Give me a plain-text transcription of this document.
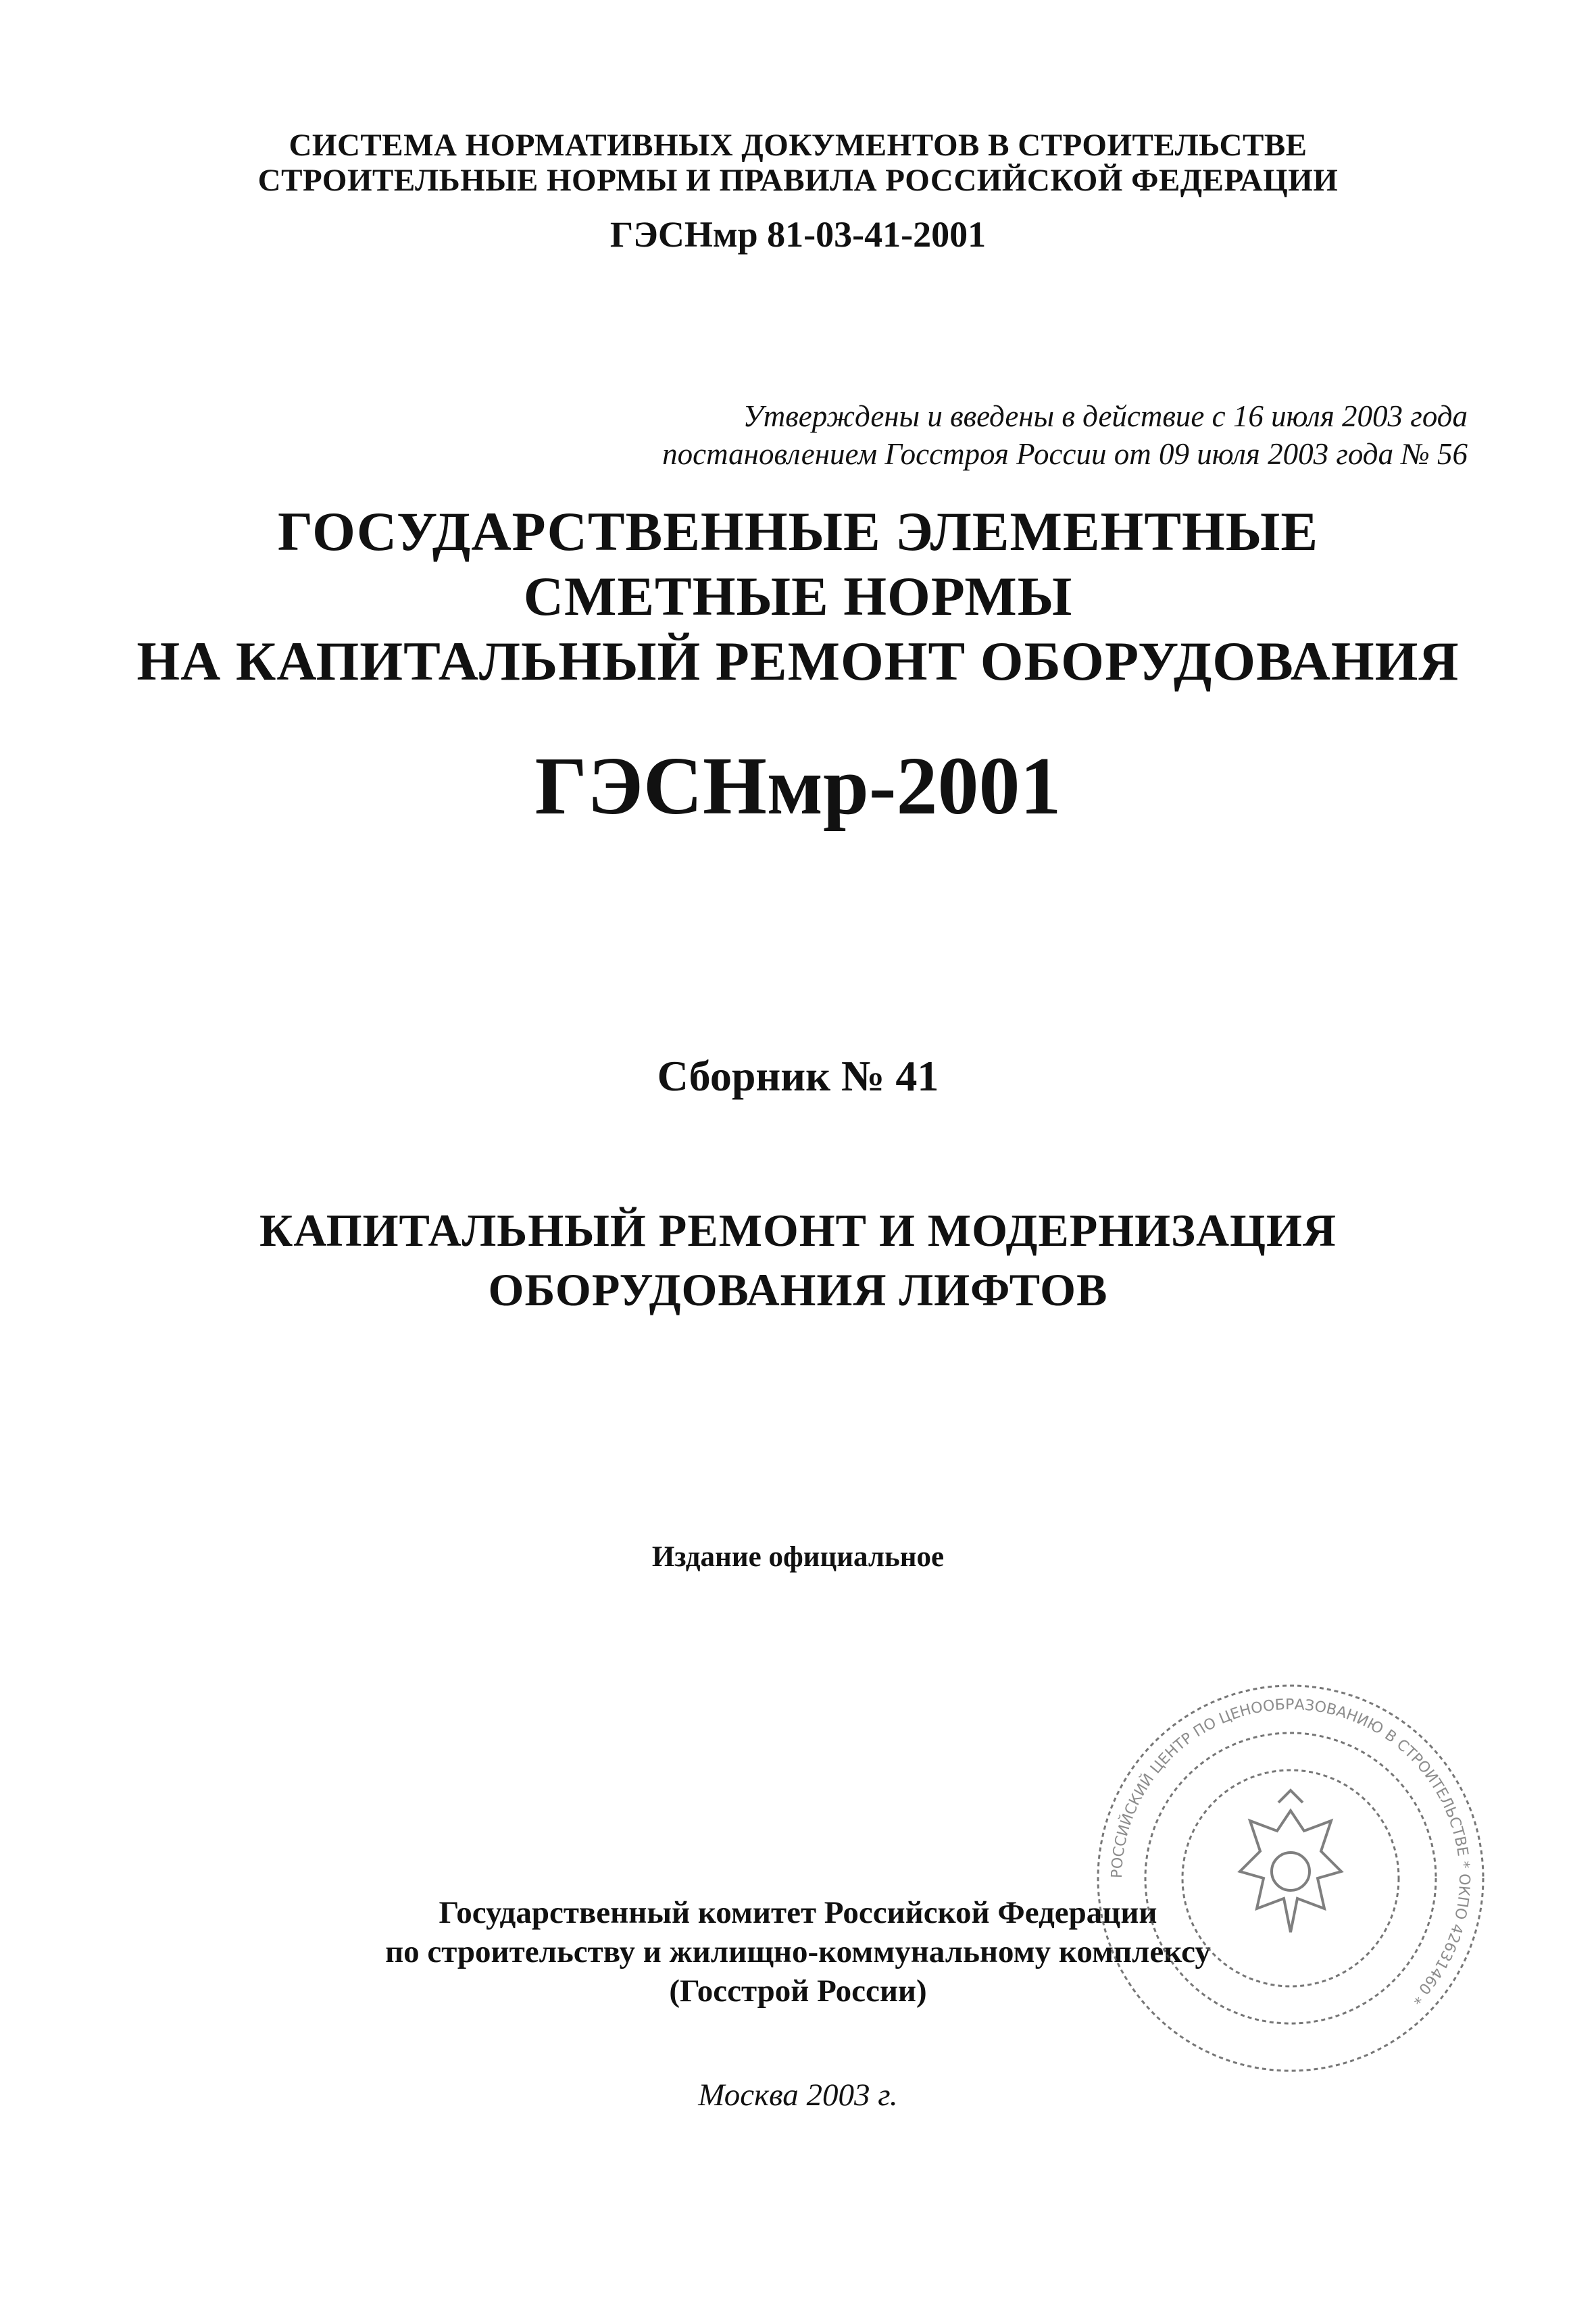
СИСТЕМА НОРМАТИВНЫХ ДОКУМЕНТОВ В СТРОИТЕЛЬСТВЕ
СТРОИТЕЛЬНЫЕ НОРМЫ И ПРАВИЛА РОССИЙСКОЙ ФЕДЕРАЦИИ
ГЭСНмр 81-03-41-2001
Утверждены и введены в действие с 16 июля 2003 года
постановлением Госстроя России от 09 июля 2003 года № 56
ГОСУДАРСТВЕННЫЕ ЭЛЕМЕНТНЫЕ
СМЕТНЫЕ НОРМЫ
НА КАПИТАЛЬНЫЙ РЕМОНТ ОБОРУДОВАНИЯ
ГЭСНмр-2001
Сборник № 41
КАПИТАЛЬНЫЙ РЕМОНТ И МОДЕРНИЗАЦИЯ
ОБОРУДОВАНИЯ ЛИФТОВ
Издание официальное
Государственный комитет Российской Федерации
по строительству и жилищно-коммунальному комплексу
(Госстрой России)
Москва 2003 г.
РОССИЙСКИЙ ЦЕНТР ПО ЦЕНООБРАЗОВАНИЮ В СТРОИТЕЛЬСТВЕ * ОКПО 42631460 *
